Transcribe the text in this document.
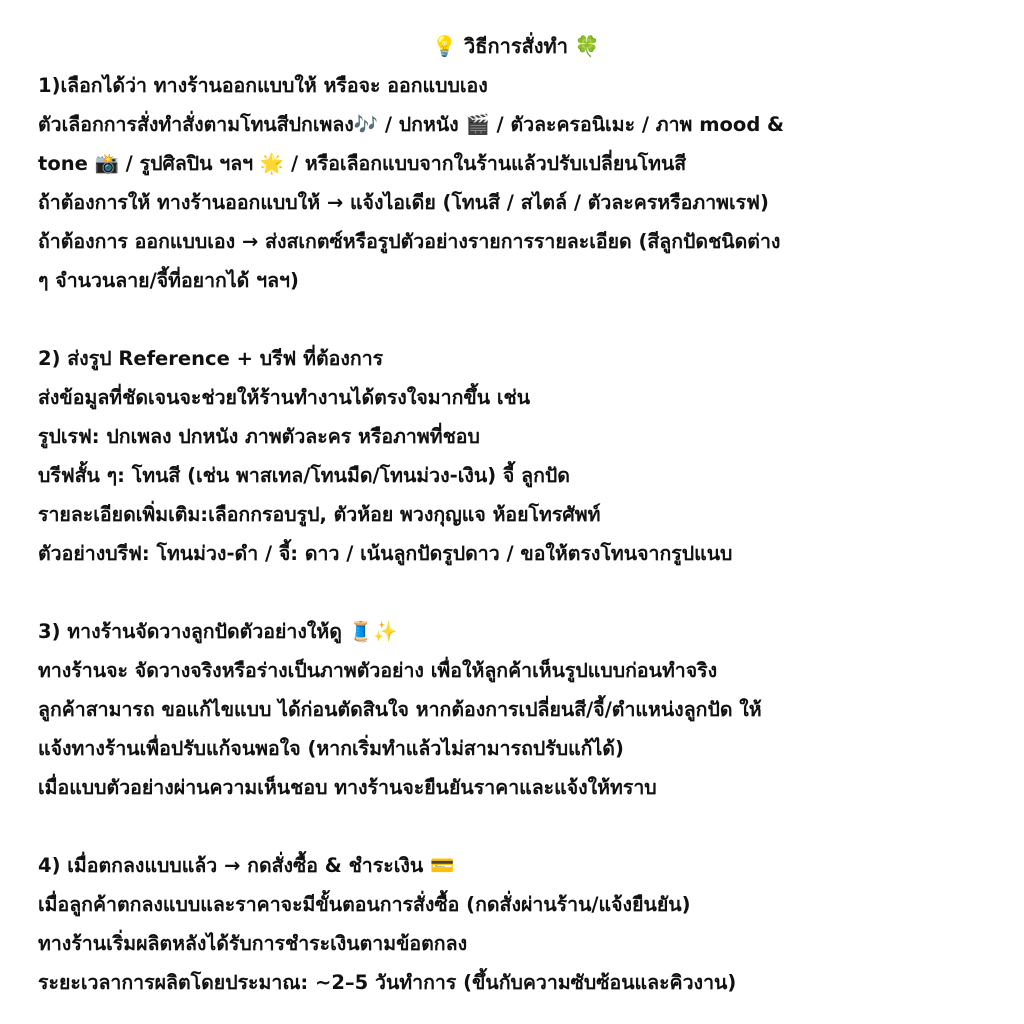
💡 วิธีการสั่งทำ 🍀
1)เลือกได้ว่า ทางร้านออกแบบให้ หรือจะ ออกแบบเอง
ตัวเลือกการสั่งทำสั่งตามโทนสีปกเพลง🎶 / ปกหนัง 🎬 / ตัวละครอนิเมะ / ภาพ mood &
tone 📸 / รูปศิลปิน ฯลฯ 🌟 / หรือเลือกแบบจากในร้านแล้วปรับเปลี่ยนโทนสี
ถ้าต้องการให้ ทางร้านออกแบบให้ → แจ้งไอเดีย (โทนสี / สไตล์ / ตัวละครหรือภาพเรฟ)
ถ้าต้องการ ออกแบบเอง → ส่งสเกตซ์หรือรูปตัวอย่างรายการรายละเอียด (สีลูกปัดชนิดต่าง
ๆ จำนวนลาย/จี้ที่อยากได้ ฯลฯ)
2) ส่งรูป Reference + บรีฟ ที่ต้องการ
ส่งข้อมูลที่ชัดเจนจะช่วยให้ร้านทำงานได้ตรงใจมากขึ้น เช่น
รูปเรฟ: ปกเพลง ปกหนัง ภาพตัวละคร หรือภาพที่ชอบ
บรีฟสั้น ๆ: โทนสี (เช่น พาสเทล/โทนมืด/โทนม่วง-เงิน) จี้ ลูกปัด
รายละเอียดเพิ่มเติม:เลือกกรอบรูป, ตัวห้อย พวงกุญแจ ห้อยโทรศัพท์
ตัวอย่างบรีฟ: โทนม่วง-ดำ / จี้: ดาว / เน้นลูกปัดรูปดาว / ขอให้ตรงโทนจากรูปแนบ
3) ทางร้านจัดวางลูกปัดตัวอย่างให้ดู 🧵✨
ทางร้านจะ จัดวางจริงหรือร่างเป็นภาพตัวอย่าง เพื่อให้ลูกค้าเห็นรูปแบบก่อนทำจริง
ลูกค้าสามารถ ขอแก้ไขแบบ ได้ก่อนตัดสินใจ หากต้องการเปลี่ยนสี/จี้/ตำแหน่งลูกปัด ให้
แจ้งทางร้านเพื่อปรับแก้จนพอใจ (หากเริ่มทำแล้วไม่สามารถปรับแก้ได้)
เมื่อแบบตัวอย่างผ่านความเห็นชอบ ทางร้านจะยืนยันราคาและแจ้งให้ทราบ
4) เมื่อตกลงแบบแล้ว → กดสั่งซื้อ & ชำระเงิน 💳
เมื่อลูกค้าตกลงแบบและราคาจะมีขั้นตอนการสั่งซื้อ (กดสั่งผ่านร้าน/แจ้งยืนยัน)
ทางร้านเริ่มผลิตหลังได้รับการชำระเงินตามข้อตกลง
ระยะเวลาการผลิตโดยประมาณ: ~2–5 วันทำการ (ขึ้นกับความซับซ้อนและคิวงาน)
